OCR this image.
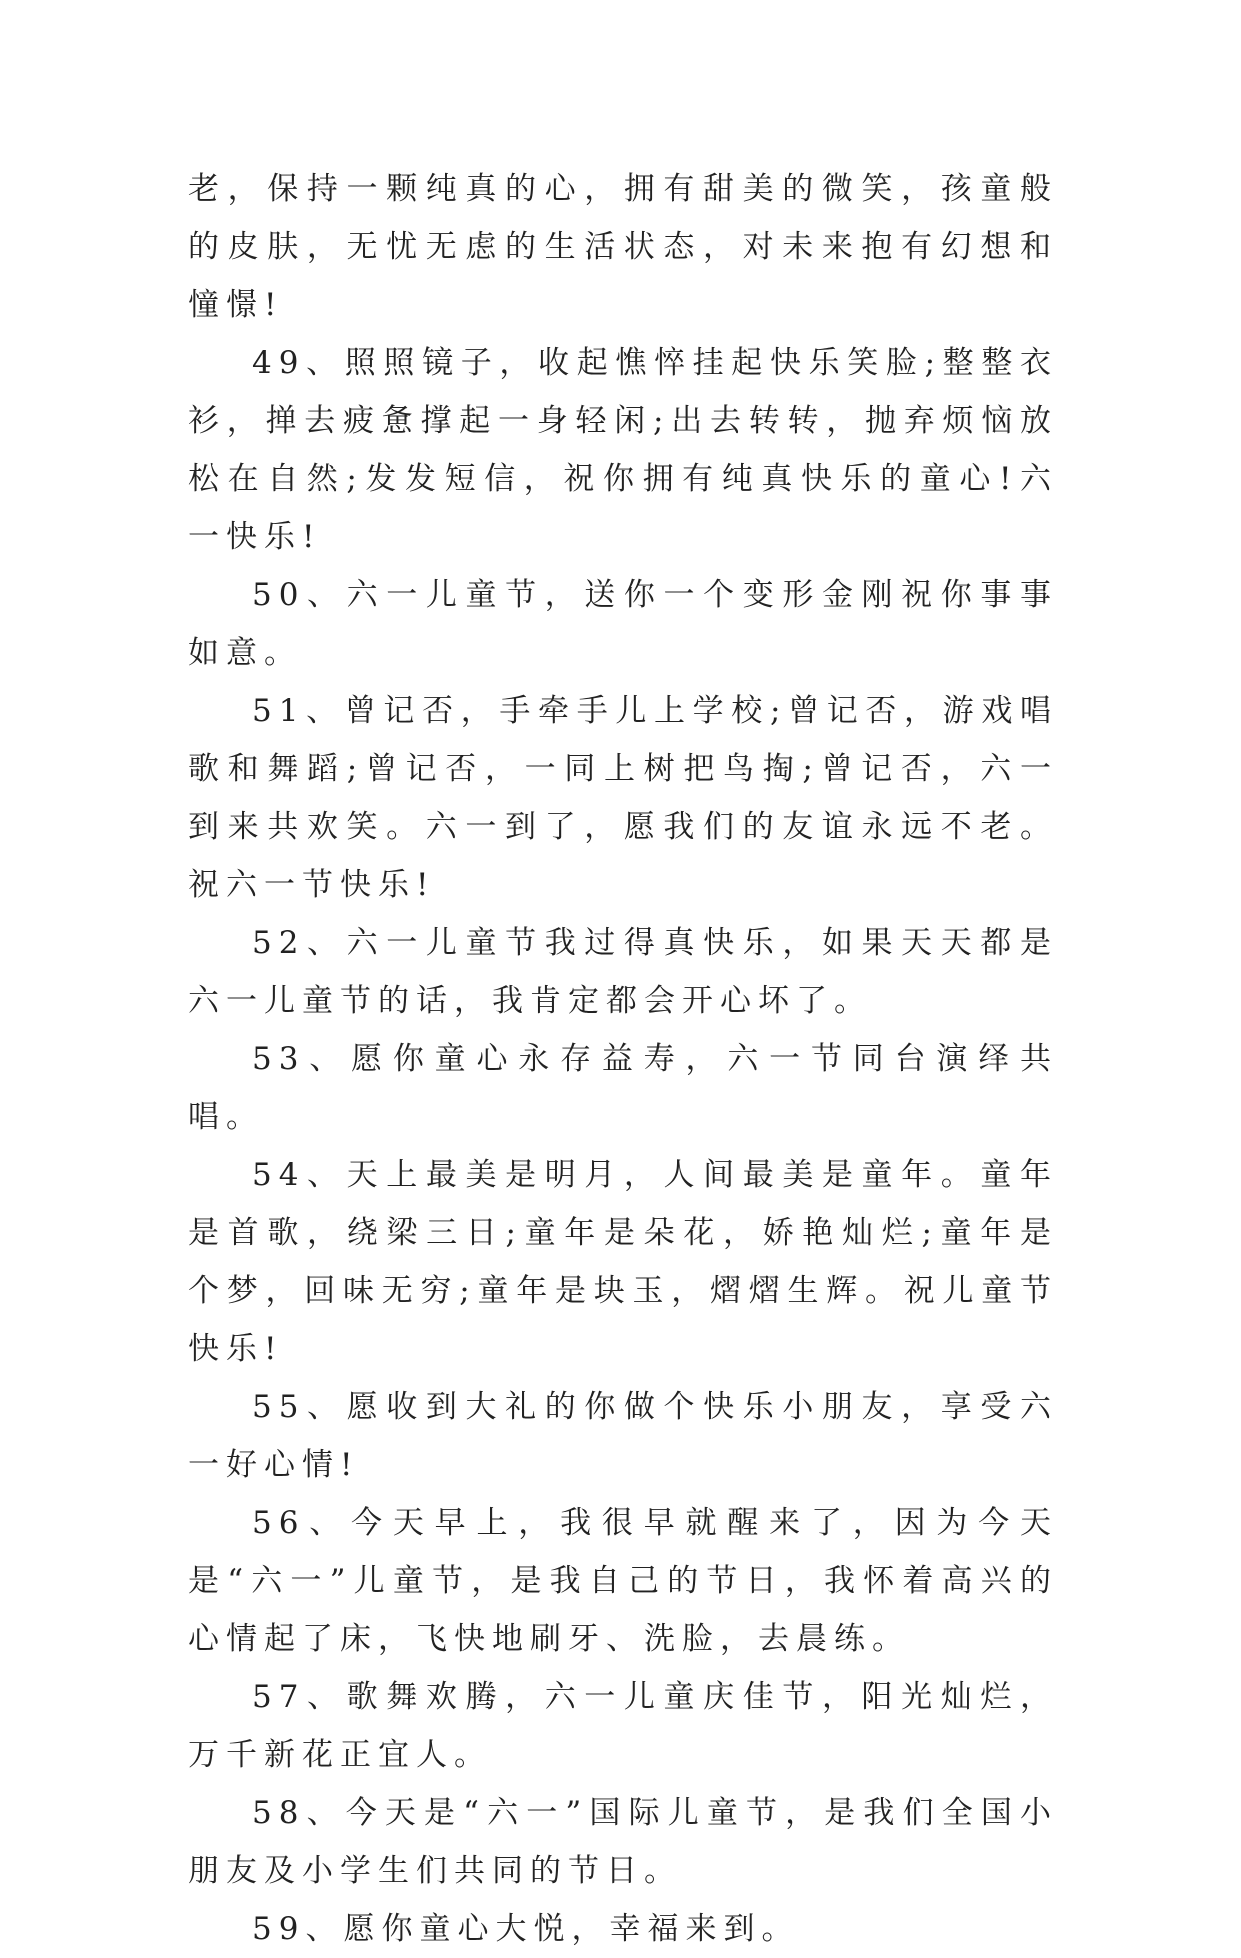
老，保持一颗纯真的心，拥有甜美的微笑，孩童般的皮肤，无忧无虑的生活状态，对未来抱有幻想和憧憬!

49、照照镜子，收起憔悴挂起快乐笑脸;整整衣衫，掸去疲惫撑起一身轻闲;出去转转，抛弃烦恼放松在自然;发发短信，祝你拥有纯真快乐的童心!六一快乐!

50、六一儿童节，送你一个变形金刚祝你事事如意。

51、曾记否，手牵手儿上学校;曾记否，游戏唱歌和舞蹈;曾记否，一同上树把鸟掏;曾记否，六一到来共欢笑。六一到了，愿我们的友谊永远不老。祝六一节快乐!

52、六一儿童节我过得真快乐，如果天天都是六一儿童节的话，我肯定都会开心坏了。

53、愿你童心永存益寿，六一节同台演绎共唱。

54、天上最美是明月，人间最美是童年。童年是首歌，绕梁三日;童年是朵花，娇艳灿烂;童年是个梦，回味无穷;童年是块玉，熠熠生辉。祝儿童节快乐!

55、愿收到大礼的你做个快乐小朋友，享受六一好心情!

56、今天早上，我很早就醒来了，因为今天是“六一”儿童节，是我自己的节日，我怀着高兴的心情起了床，飞快地刷牙、洗脸，去晨练。

57、歌舞欢腾，六一儿童庆佳节，阳光灿烂，万千新花正宜人。

58、今天是“六一”国际儿童节，是我们全国小朋友及小学生们共同的节日。

59、愿你童心大悦，幸福来到。
